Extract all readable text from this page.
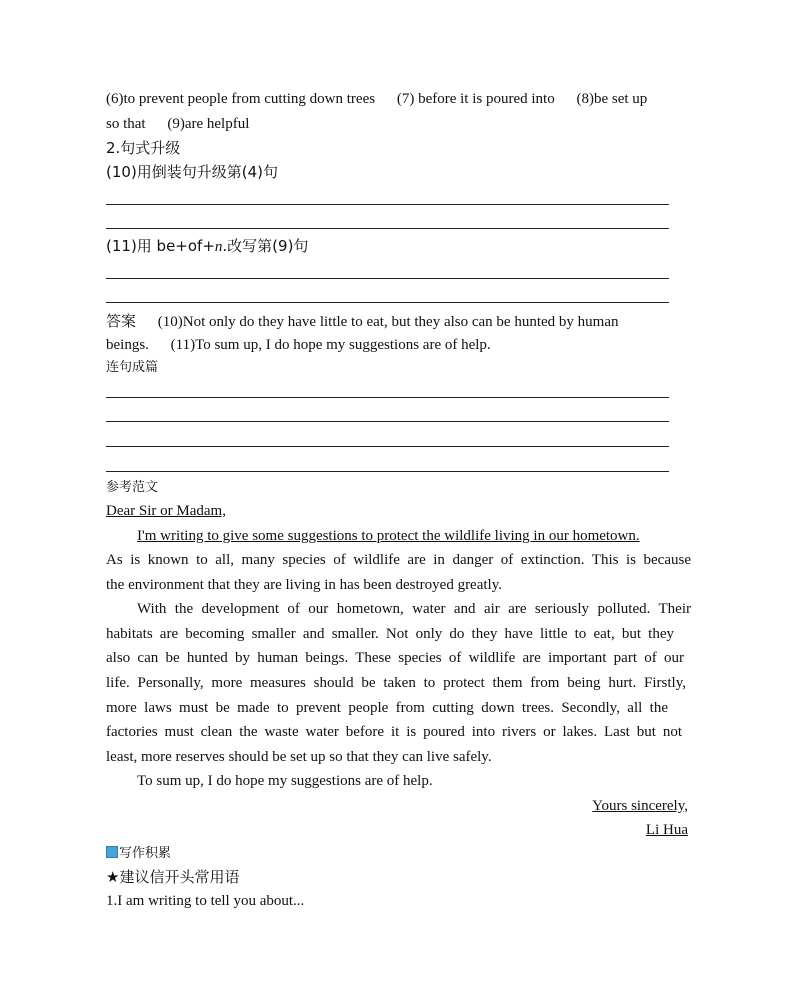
(6)to prevent people from cutting down trees (7) before it is poured into (8)be set up
so that (9)are helpful
2.句式升级
(10)用倒装句升级第(4)句
(11)用 be+of+n.改写第(9)句
答案 (10)Not only do they have little to eat, but they also can be hunted by human
beings. (11)To sum up, I do hope my suggestions are of help.
连句成篇
参考范文
Dear Sir or Madam,
I'm writing to give some suggestions to protect the wildlife living in our hometown.
As is known to all, many species of wildlife are in danger of extinction. This is because
the environment that they are living in has been destroyed greatly.
With the development of our hometown, water and air are seriously polluted. Their
habitats are becoming smaller and smaller. Not only do they have little to eat, but they
also can be hunted by human beings. These species of wildlife are important part of our
life. Personally, more measures should be taken to protect them from being hurt. Firstly,
more laws must be made to prevent people from cutting down trees. Secondly, all the
factories must clean the waste water before it is poured into rivers or lakes. Last but not
least, more reserves should be set up so that they can live safely.
To sum up, I do hope my suggestions are of help.
Yours sincerely,
Li Hua
写作积累
★建议信开头常用语
1.I am writing to tell you about...
